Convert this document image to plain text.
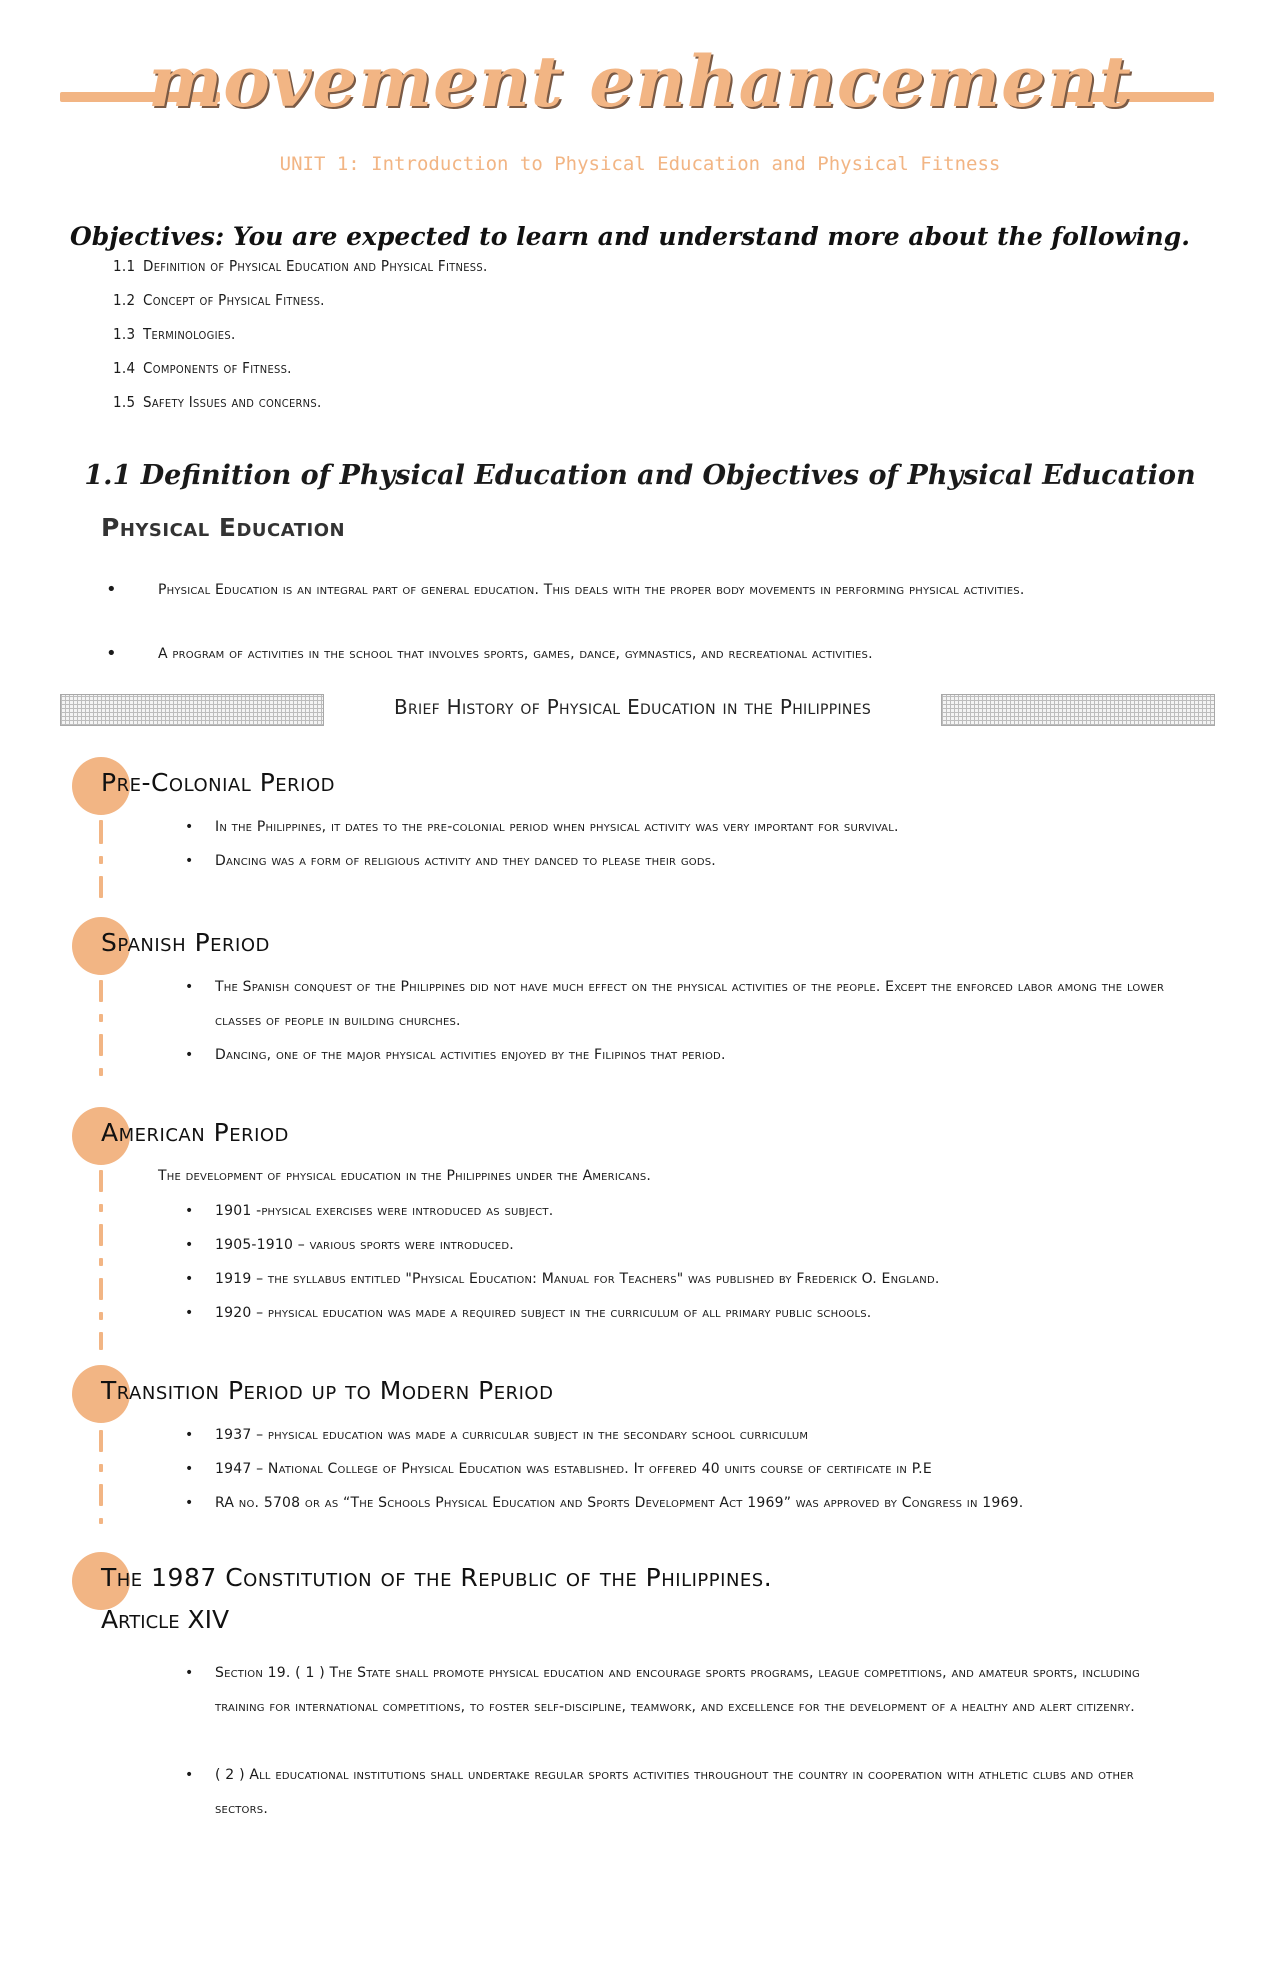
movement enhancement
UNIT 1: Introduction to Physical Education and Physical Fitness
Objectives: You are expected to learn and understand more about the following.
1.1 Definition of Physical Education and Physical Fitness.
1.2 Concept of Physical Fitness.
1.3 Terminologies.
1.4 Components of Fitness.
1.5 Safety Issues and concerns.
1.1 Definition of Physical Education and Objectives of Physical Education
Physical Education
•	Physical Education is an integral part of general education. This deals with the proper body movements in performing physical activities.
•	A program of activities in the school that involves sports, games, dance, gymnastics, and recreational activities.
Brief History of Physical Education in the Philippines
Pre-Colonial Period
• In the Philippines, it dates to the pre-colonial period when physical activity was very important for survival.
• Dancing was a form of religious activity and they danced to please their gods.
Spanish Period
• The Spanish conquest of the Philippines did not have much effect on the physical activities of the people. Except the enforced labor among the lower classes of people in building churches.
• Dancing, one of the major physical activities enjoyed by the Filipinos that period.
American Period
The development of physical education in the Philippines under the Americans.
• 1901 -physical exercises were introduced as subject.
• 1905-1910 – various sports were introduced.
• 1919 – the syllabus entitled "Physical Education: Manual for Teachers" was published by Frederick O. England.
• 1920 – physical education was made a required subject in the curriculum of all primary public schools.
Transition Period up to Modern Period
• 1937 – physical education was made a curricular subject in the secondary school curriculum
• 1947 – National College of Physical Education was established. It offered 40 units course of certificate in P.E
• RA no. 5708 or as “The Schools Physical Education and Sports Development Act 1969” was approved by Congress in 1969.
The 1987 Constitution of the Republic of the Philippines.
Article XIV
• Section 19. ( 1 ) The State shall promote physical education and encourage sports programs, league competitions, and amateur sports, including training for international competitions, to foster self-discipline, teamwork, and excellence for the development of a healthy and alert citizenry.
• ( 2 ) All educational institutions shall undertake regular sports activities throughout the country in cooperation with athletic clubs and other sectors.
